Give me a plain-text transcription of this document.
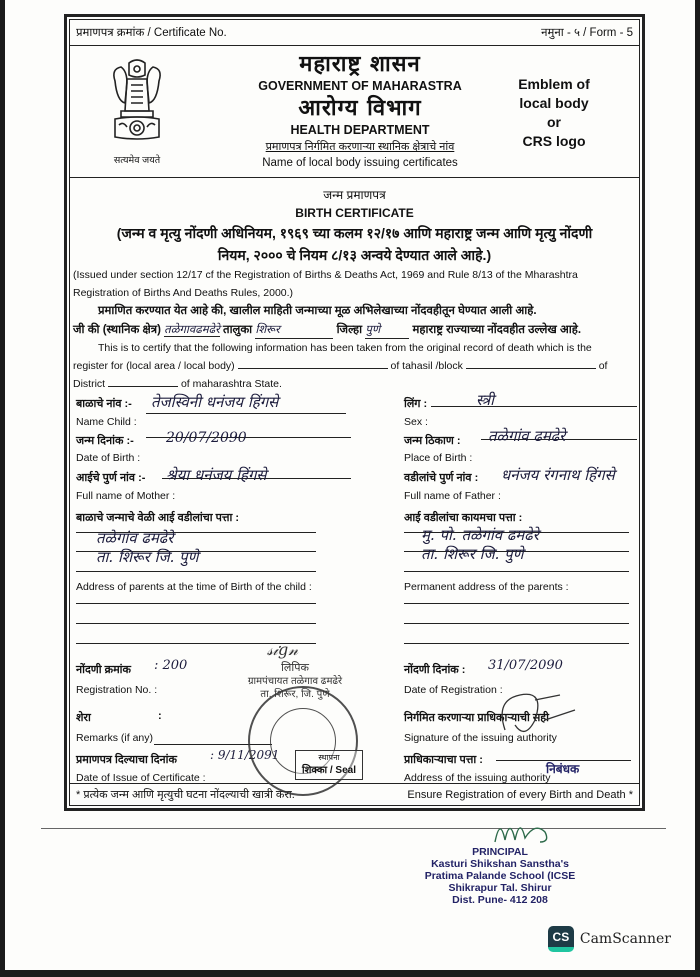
प्रमाणपत्र क्रमांक / Certificate No.	नमुना - ५ / Form - 5
सत्यमेव जयते
महाराष्ट्र शासन
GOVERNMENT OF MAHARASTRA
आरोग्य विभाग
HEALTH DEPARTMENT
प्रमाणपत्र निर्गमित करणाऱ्या स्थानिक क्षेत्राचे नांव
Name of local body issuing certificates
Emblem of
local body
or
CRS logo
जन्म प्रमाणपत्र
BIRTH CERTIFICATE
(जन्म व मृत्यु नोंदणी अधिनियम, १९६९ च्या कलम १२/१७ आणि महाराष्ट्र जन्म आणि मृत्यु नोंदणी
नियम, २००० चे नियम ८/१३ अन्वये देण्यात आले आहे.)
(Issued under section 12/17 cf the Registration of Births & Deaths Act, 1969 and Rule 8/13 of the Mharashtra
Registration of Births And Deaths Rules, 2000.)
प्रमाणित करण्यात येत आहे की, खालील माहिती जन्माच्या मूळ अभिलेखाच्या नोंदवहीतून घेण्यात आली आहे.
जी की (स्थानिक क्षेत्र) तळेगावढमढेरे तालुका शिरूर	जिल्हा पुणे	महाराष्ट्र राज्याच्या नोंदवहीत उल्लेख आहे.
This is to certify that the following information has been taken from the original record of death which is the
register for (local area / local body)	of tahasil /block	of
District	of maharashtra State.
बाळाचे नांव :- तेजस्विनी धनंजय हिंगसे
Name Child :
लिंग :	स्त्री
Sex :
जन्म दिनांक :- 20/07/2090
Date of Birth :
जन्म ठिकाण : तळेगांव ढमढेरे
Place of Birth :
आईचे पुर्ण नांव :- श्रेया धनंजय हिंगसे
Full name of Mother :
वडीलांचे पुर्ण नांव : धनंजय रंगनाथ हिंगसे
Full name of Father :
बाळाचे जन्माचे वेळी आई वडीलांचा पत्ता :
तळेगांव ढमढेरे
ता. शिरूर जि. पुणे
Address of parents at the time of Birth of the child :
आई वडीलांचा कायमचा पत्ता :
मु. पो. तळेगांव ढमढेरे
ता. शिरूर जि. पुणे
Permanent address of the parents :
नोंदणी क्रमांक : 200
Registration No. :
नोंदणी दिनांक : 31/07/2090
Date of Registration :
शेरा	:
Remarks (if any)
निर्गमित करणाऱ्या प्राधिकाऱ्याची सही
Signature of the issuing authority
प्रमाणपत्र दिल्याचा दिनांक	: 9/11/2091
Date of Issue of Certificate :
प्राधिकाऱ्याचा पत्ता :
निबंधक
Address of the issuing authority
* प्रत्येक जन्म आणि मृत्युची घटना नोंदल्याची खात्री करा.	Ensure Registration of every Birth and Death *
𝓈𝒾𝑔𝓃
लिपिक
ग्रामपंचायत तळेगाव ढमढेरे
ता. शिरूर, जि. पुणे
स्थापना
शिक्का / Seal
PRINCIPAL
Kasturi Shikshan Sanstha's
Pratima Palande School (ICSE
Shikrapur Tal. Shirur
Dist. Pune- 412 208
CS CamScanner
